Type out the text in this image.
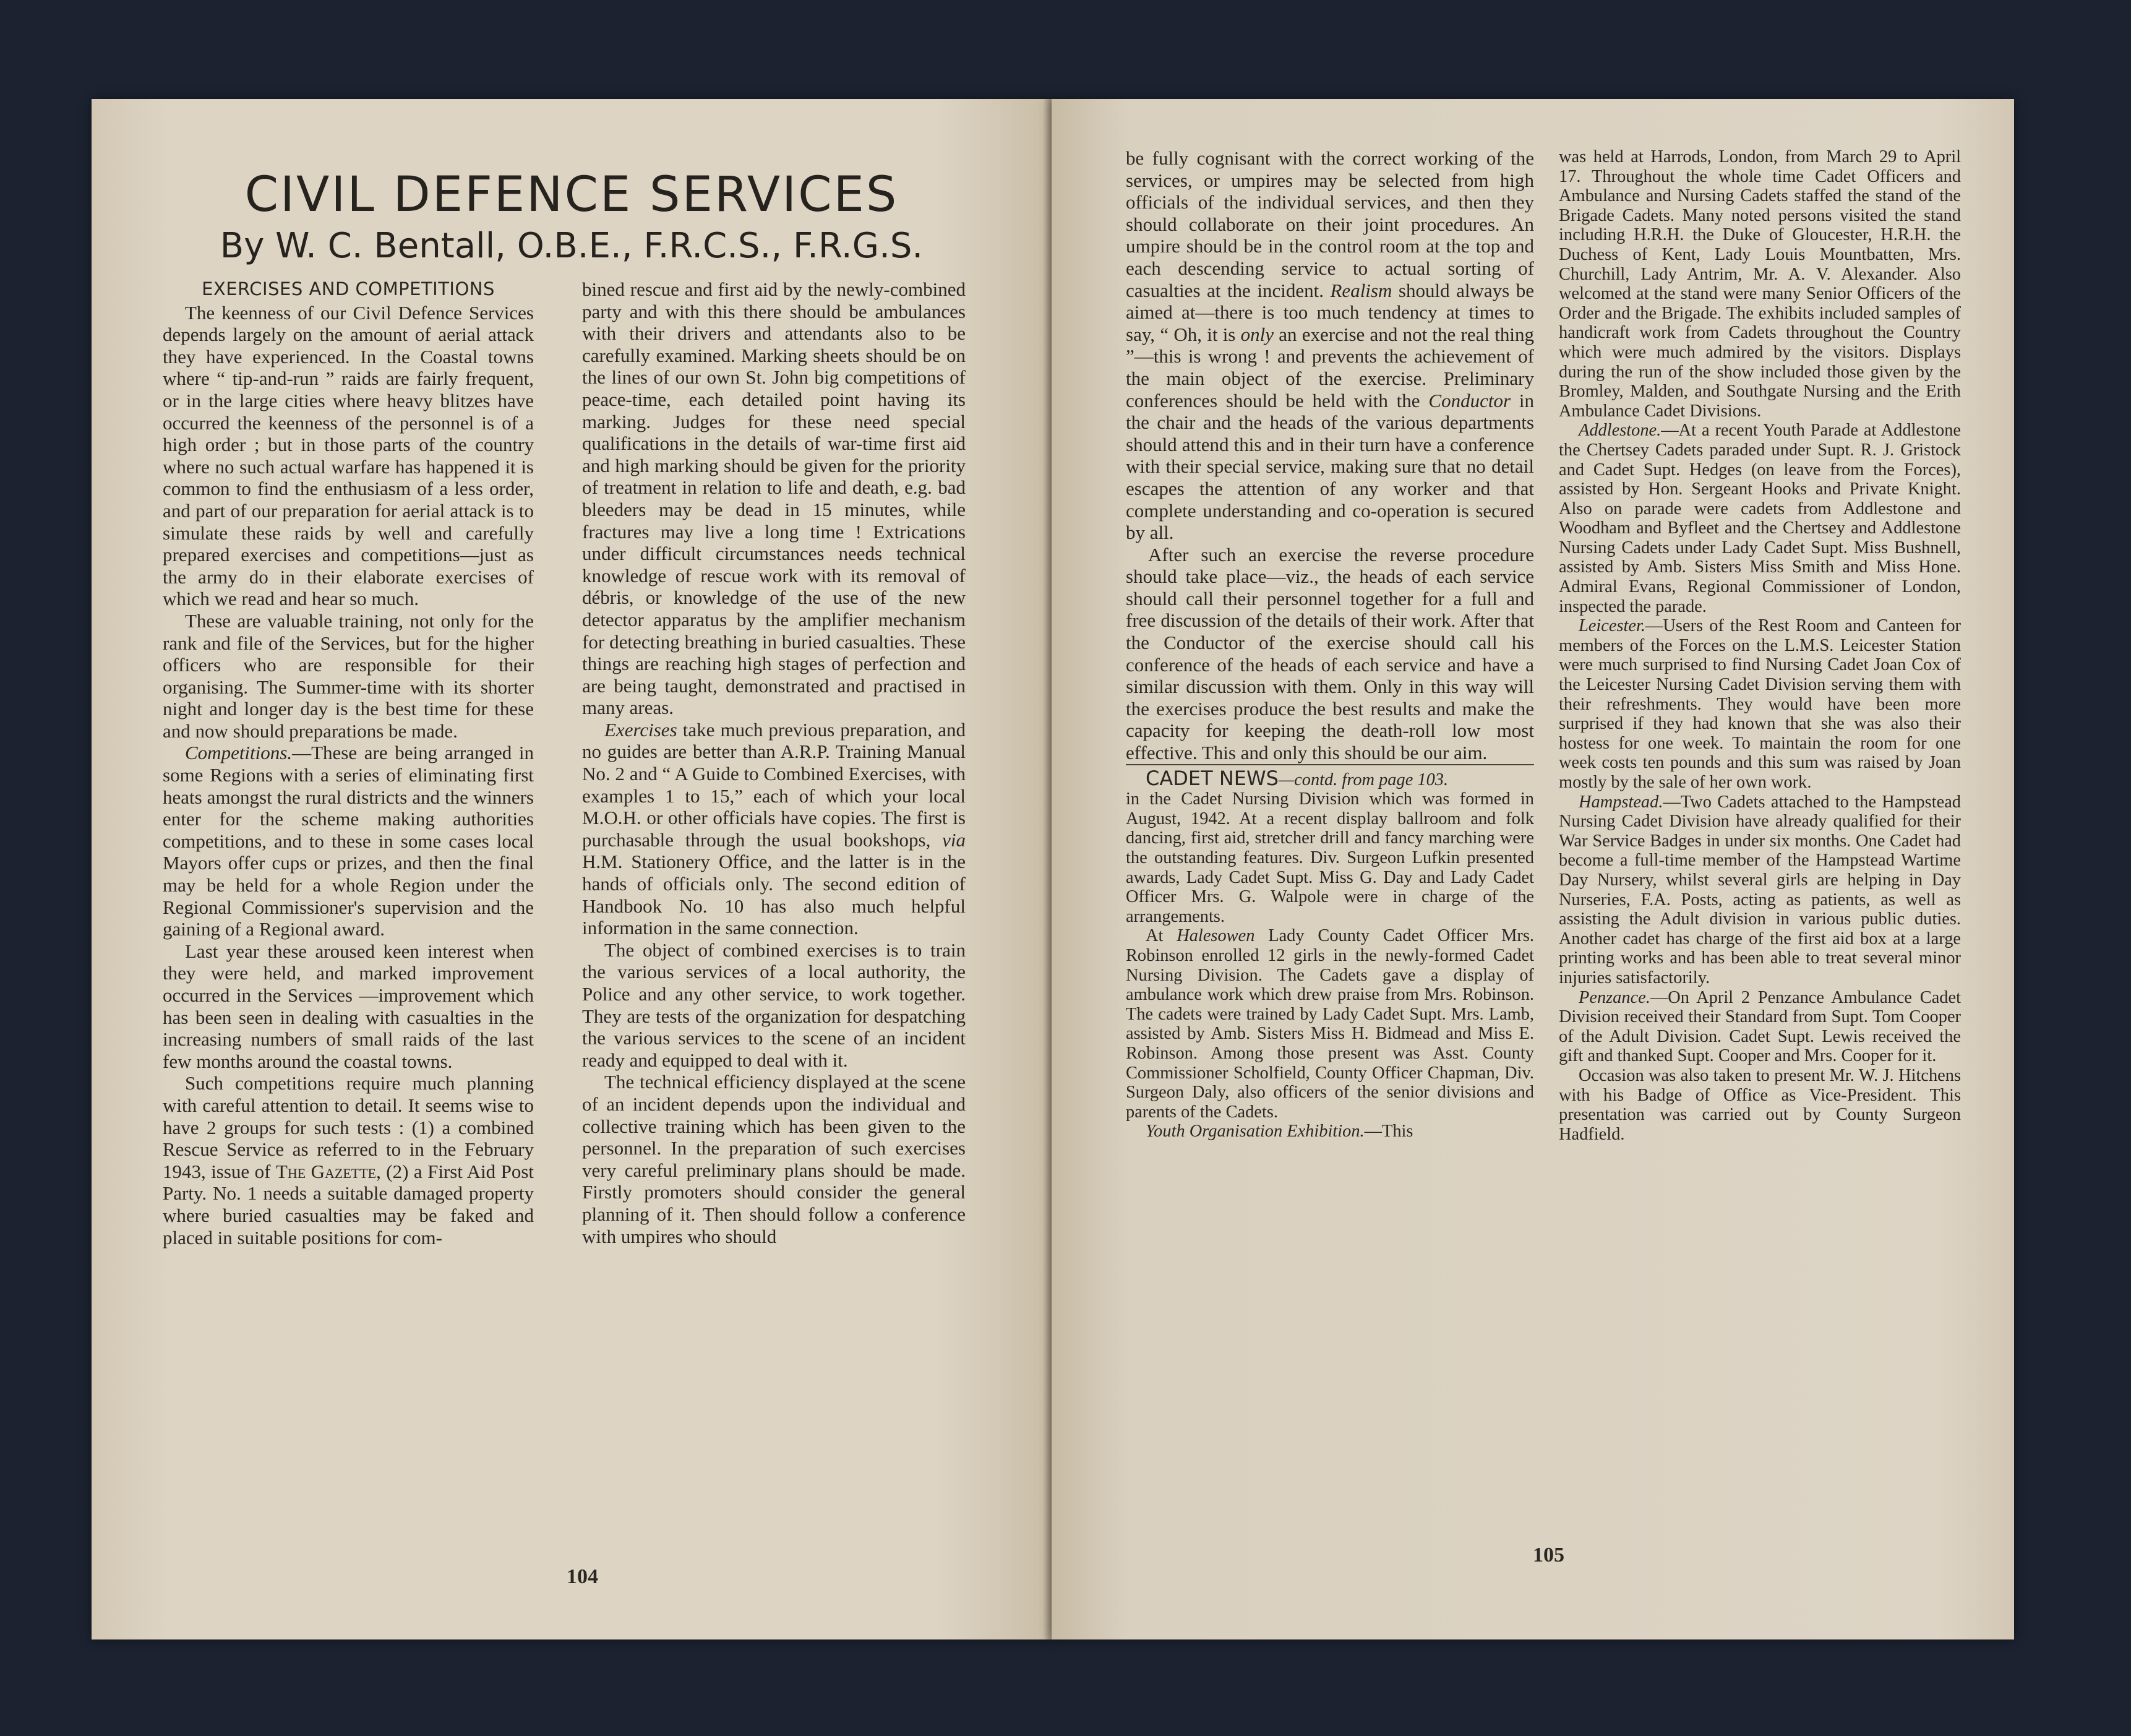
CIVIL DEFENCE SERVICES
By W. C. Bentall, O.B.E., F.R.C.S., F.R.G.S.
EXERCISES AND COMPETITIONS

The keenness of our Civil Defence Services depends largely on the amount of aerial attack they have experienced. In the Coastal towns where “ tip-and-run ” raids are fairly frequent, or in the large cities where heavy blitzes have occurred the keenness of the personnel is of a high order ; but in those parts of the country where no such actual warfare has happened it is common to find the enthusiasm of a less order, and part of our preparation for aerial attack is to simulate these raids by well and carefully prepared exercises and competitions—just as the army do in their elaborate exercises of which we read and hear so much.

These are valuable training, not only for the rank and file of the Services, but for the higher officers who are responsible for their organising. The Summer-time with its shorter night and longer day is the best time for these and now should preparations be made.

Competitions.—These are being arranged in some Regions with a series of eliminating first heats amongst the rural districts and the winners enter for the scheme making authorities competitions, and to these in some cases local Mayors offer cups or prizes, and then the final may be held for a whole Region under the Regional Commissioner's supervision and the gaining of a Regional award.

Last year these aroused keen interest when they were held, and marked improvement occurred in the Services —improvement which has been seen in dealing with casualties in the increasing numbers of small raids of the last few months around the coastal towns.

Such competitions require much planning with careful attention to detail. It seems wise to have 2 groups for such tests : (1) a combined Rescue Service as referred to in the February 1943, issue of The Gazette, (2) a First Aid Post Party. No. 1 needs a suitable damaged property where buried casualties may be faked and placed in suitable positions for com-

bined rescue and first aid by the newly-combined party and with this there should be ambulances with their drivers and attendants also to be carefully examined. Marking sheets should be on the lines of our own St. John big competitions of peace-time, each detailed point having its marking. Judges for these need special qualifications in the details of war-time first aid and high marking should be given for the priority of treatment in relation to life and death, e.g. bad bleeders may be dead in 15 minutes, while fractures may live a long time ! Extrications under difficult circumstances needs technical knowledge of rescue work with its removal of débris, or knowledge of the use of the new detector apparatus by the amplifier mechanism for detecting breathing in buried casualties. These things are reaching high stages of perfection and are being taught, demonstrated and practised in many areas.

Exercises take much previous preparation, and no guides are better than A.R.P. Training Manual No. 2 and “ A Guide to Combined Exercises, with examples 1 to 15,” each of which your local M.O.H. or other officials have copies. The first is purchasable through the usual bookshops, via H.M. Stationery Office, and the latter is in the hands of officials only. The second edition of Handbook No. 10 has also much helpful information in the same connection.

The object of combined exercises is to train the various services of a local authority, the Police and any other service, to work together. They are tests of the organization for despatching the various services to the scene of an incident ready and equipped to deal with it.

The technical efficiency displayed at the scene of an incident depends upon the individual and collective training which has been given to the personnel. In the preparation of such exercises very careful preliminary plans should be made. Firstly promoters should consider the general planning of it. Then should follow a conference with umpires who should

104

be fully cognisant with the correct working of the services, or umpires may be selected from high officials of the individual services, and then they should collaborate on their joint procedures. An umpire should be in the control room at the top and each descending service to actual sorting of casualties at the incident. Realism should always be aimed at—there is too much tendency at times to say, “ Oh, it is only an exercise and not the real thing ”—this is wrong ! and prevents the achievement of the main object of the exercise. Preliminary conferences should be held with the Conductor in the chair and the heads of the various departments should attend this and in their turn have a conference with their special service, making sure that no detail escapes the attention of any worker and that complete understanding and co-operation is secured by all.

After such an exercise the reverse procedure should take place—viz., the heads of each service should call their personnel together for a full and free discussion of the details of their work. After that the Conductor of the exercise should call his conference of the heads of each service and have a similar discussion with them. Only in this way will the exercises produce the best results and make the capacity for keeping the death-roll low most effective. This and only this should be our aim.

CADET NEWS—contd. from page 103.

in the Cadet Nursing Division which was formed in August, 1942. At a recent display ballroom and folk dancing, first aid, stretcher drill and fancy marching were the outstanding features. Div. Surgeon Lufkin presented awards, Lady Cadet Supt. Miss G. Day and Lady Cadet Officer Mrs. G. Walpole were in charge of the arrangements.

At Halesowen Lady County Cadet Officer Mrs. Robinson enrolled 12 girls in the newly-formed Cadet Nursing Division. The Cadets gave a display of ambulance work which drew praise from Mrs. Robinson. The cadets were trained by Lady Cadet Supt. Mrs. Lamb, assisted by Amb. Sisters Miss H. Bidmead and Miss E. Robinson. Among those present was Asst. County Commissioner Scholfield, County Officer Chapman, Div. Surgeon Daly, also officers of the senior divisions and parents of the Cadets.

Youth Organisation Exhibition.—This

was held at Harrods, London, from March 29 to April 17. Throughout the whole time Cadet Officers and Ambulance and Nursing Cadets staffed the stand of the Brigade Cadets. Many noted persons visited the stand including H.R.H. the Duke of Gloucester, H.R.H. the Duchess of Kent, Lady Louis Mountbatten, Mrs. Churchill, Lady Antrim, Mr. A. V. Alexander. Also welcomed at the stand were many Senior Officers of the Order and the Brigade. The exhibits included samples of handicraft work from Cadets throughout the Country which were much admired by the visitors. Displays during the run of the show included those given by the Bromley, Malden, and Southgate Nursing and the Erith Ambulance Cadet Divisions.

Addlestone.—At a recent Youth Parade at Addlestone the Chertsey Cadets paraded under Supt. R. J. Gristock and Cadet Supt. Hedges (on leave from the Forces), assisted by Hon. Sergeant Hooks and Private Knight. Also on parade were cadets from Addlestone and Woodham and Byfleet and the Chertsey and Addlestone Nursing Cadets under Lady Cadet Supt. Miss Bushnell, assisted by Amb. Sisters Miss Smith and Miss Hone. Admiral Evans, Regional Commissioner of London, inspected the parade.

Leicester.—Users of the Rest Room and Canteen for members of the Forces on the L.M.S. Leicester Station were much surprised to find Nursing Cadet Joan Cox of the Leicester Nursing Cadet Division serving them with their refreshments. They would have been more surprised if they had known that she was also their hostess for one week. To maintain the room for one week costs ten pounds and this sum was raised by Joan mostly by the sale of her own work.

Hampstead.—Two Cadets attached to the Hampstead Nursing Cadet Division have already qualified for their War Service Badges in under six months. One Cadet had become a full-time member of the Hampstead Wartime Day Nursery, whilst several girls are helping in Day Nurseries, F.A. Posts, acting as patients, as well as assisting the Adult division in various public duties. Another cadet has charge of the first aid box at a large printing works and has been able to treat several minor injuries satisfactorily.

Penzance.—On April 2 Penzance Ambulance Cadet Division received their Standard from Supt. Tom Cooper of the Adult Division. Cadet Supt. Lewis received the gift and thanked Supt. Cooper and Mrs. Cooper for it.

Occasion was also taken to present Mr. W. J. Hitchens with his Badge of Office as Vice-President. This presentation was carried out by County Surgeon Hadfield.

105
